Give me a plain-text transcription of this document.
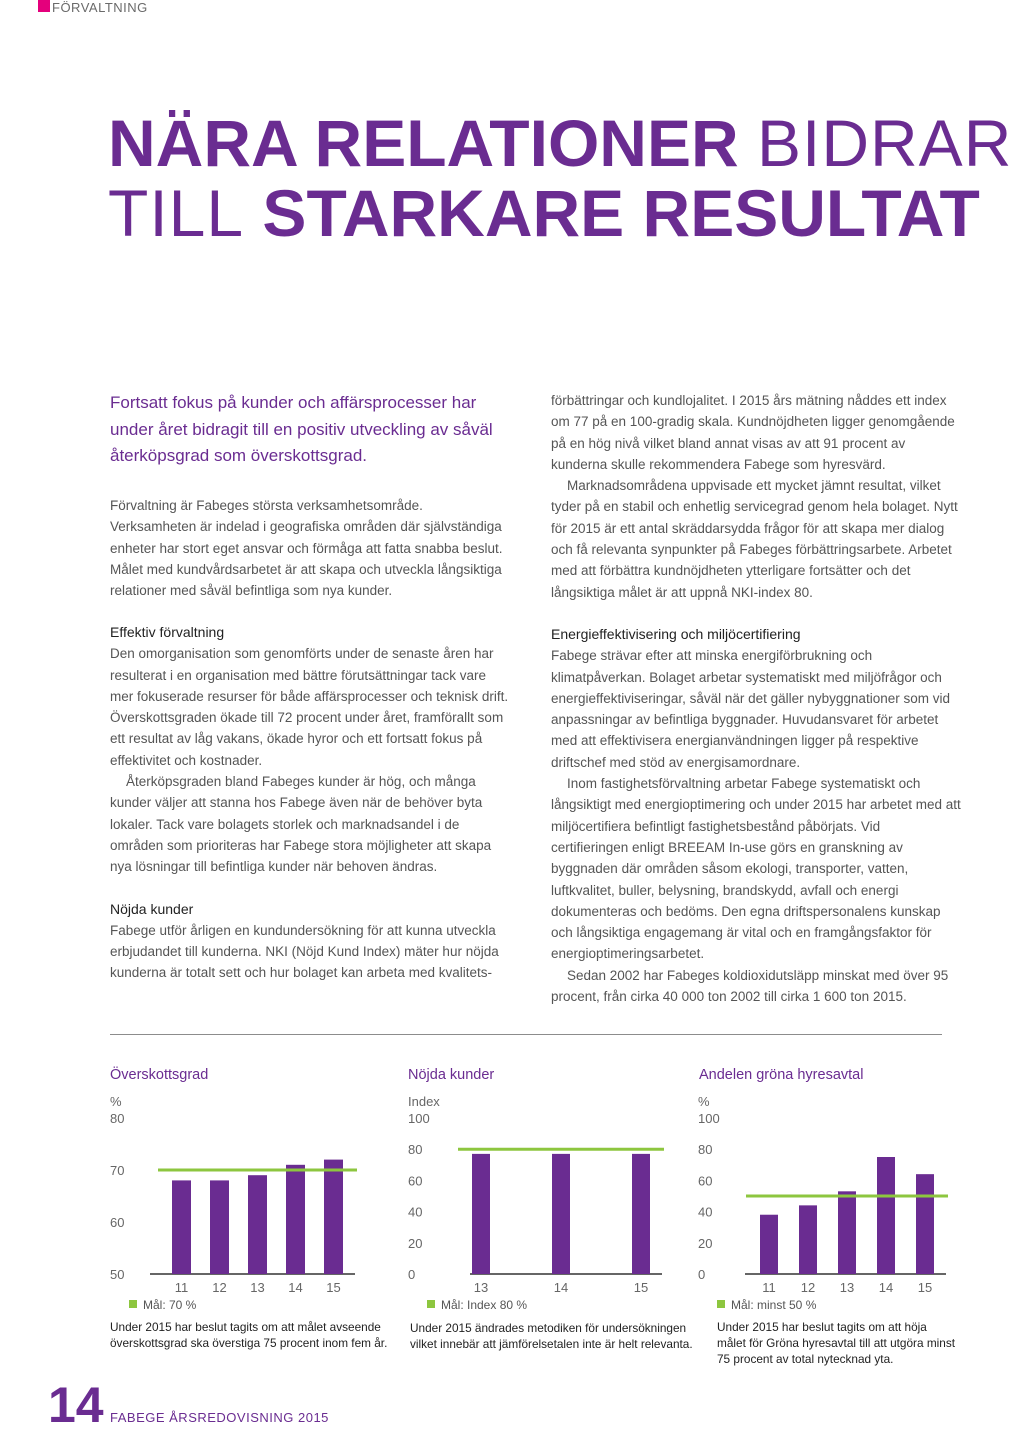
FÖRVALTNING
NÄRA RELATIONER BIDRAR
TILL STARKARE RESULTAT
Fortsatt fokus på kunder och affärsprocesser har under året bidragit till en positiv utveckling av såväl återköpsgrad som överskottsgrad.

Förvaltning är Fabeges största verksamhetsområde. Verksamheten är indelad i geografiska områden där självständiga enheter har stort eget ansvar och förmåga att fatta snabba beslut. Målet med kundvårdsarbetet är att skapa och utveckla långsiktiga relationer med såväl befintliga som nya kunder.

Effektiv förvaltning

Den omorganisation som genomförts under de senaste åren har resulterat i en organisation med bättre förutsättningar tack vare mer fokuserade resurser för både affärsprocesser och teknisk drift. Överskottsgraden ökade till 72 procent under året, framförallt som ett resultat av låg vakans, ökade hyror och ett fortsatt fokus på effektivitet och kostnader.

Återköpsgraden bland Fabeges kunder är hög, och många kunder väljer att stanna hos Fabege även när de behöver byta lokaler. Tack vare bolagets storlek och marknadsandel i de områden som prioriteras har Fabege stora möjligheter att skapa nya lösningar till befintliga kunder när behoven ändras.

Nöjda kunder

Fabege utför årligen en kundundersökning för att kunna utveckla erbjudandet till kunderna. NKI (Nöjd Kund Index) mäter hur nöjda kunderna är totalt sett och hur bolaget kan arbeta med kvalitets-

förbättringar och kundlojalitet. I 2015 års mätning nåddes ett index om 77 på en 100-gradig skala. Kundnöjdheten ligger genomgående på en hög nivå vilket bland annat visas av att 91 procent av kunderna skulle rekommendera Fabege som hyresvärd.

Marknadsområdena uppvisade ett mycket jämnt resultat, vilket tyder på en stabil och enhetlig servicegrad genom hela bolaget. Nytt för 2015 är ett antal skräddarsydda frågor för att skapa mer dialog och få relevanta synpunkter på Fabeges förbättringsarbete. Arbetet med att förbättra kundnöjdheten ytterligare fortsätter och det långsiktiga målet är att uppnå NKI-index 80.

Energieffektivisering och miljöcertifiering

Fabege strävar efter att minska energiförbrukning och klimatpåverkan. Bolaget arbetar systematiskt med miljöfrågor och energieffektiviseringar, såväl när det gäller nybyggnationer som vid anpassningar av befintliga byggnader. Huvudansvaret för arbetet med att effektivisera energianvändningen ligger på respektive driftschef med stöd av energisamordnare.

Inom fastighetsförvaltning arbetar Fabege systematiskt och långsiktigt med energioptimering och under 2015 har arbetet med att miljöcertifiera befintligt fastighetsbestånd påbörjats. Vid certifieringen enligt BREEAM In-use görs en granskning av byggnaden där områden såsom ekologi, transporter, vatten, luftkvalitet, buller, belysning, brandskydd, avfall och energi dokumenteras och bedöms. Den egna driftspersonalens kunskap och långsiktiga engagemang är vital och en framgångsfaktor för energioptimeringsarbetet.

Sedan 2002 har Fabeges koldioxidutsläpp minskat med över 95 procent, från cirka 40 000 ton 2002 till cirka 1 600 ton 2015.

Överskottsgrad
%
50
60
70
80
11 12 13 14 15
Mål: 70 %
Under 2015 har beslut tagits om att målet avseende överskottsgrad ska överstiga 75 procent inom fem år.
Nöjda kunder
Index
0
20
40
60
80
100
13	14	15
Mål: Index 80 %
Under 2015 ändrades metodiken för undersökningen vilket innebär att jämförelsetalen inte är helt relevanta.
Andelen gröna hyresavtal
%
0
20
40
60
80
100
11 12 13 14 15
Mål: minst 50 %
Under 2015 har beslut tagits om att höja målet för Gröna hyresavtal till att utgöra minst 75 procent av total nytecknad yta.
14 FABEGE ÅRSREDOVISNING 2015
